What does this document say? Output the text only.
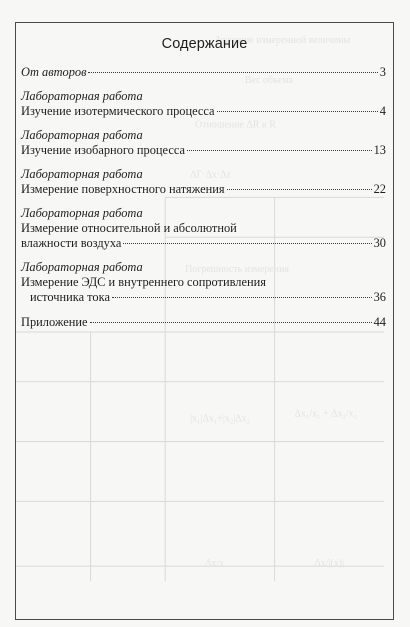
Значение измеренной величины
Вес объема
Отношение ΔR к R
ΔΓ·Δх·Δz
Погрешность измерения
|x₁|Δx₁+|x₂|Δx₂	Δx₁/x₁ + Δx₂/x₂
Δx/x	Δx/|(x)|
Содержание
От авторов	3
Лабораторная работа
Изучение изотермического процесса	4
Лабораторная работа
Изучение изобарного процесса	13
Лабораторная работа
Измерение поверхностного натяжения	22
Лабораторная работа
Измерение относительной и абсолютной
влажности воздуха	30
Лабораторная работа
Измерение ЭДС и внутреннего сопротивления
источника тока	36
Приложение	44
